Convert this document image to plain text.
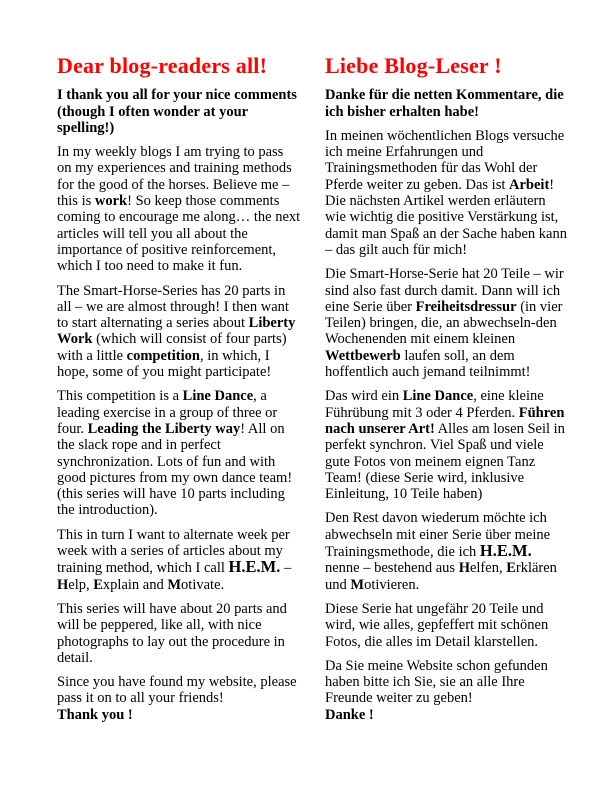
Dear blog-readers all!

I thank you all for your nice comments (though I often wonder at your spelling!)

In my weekly blogs I am trying to pass on my experiences and training methods for the good of the horses. Believe me – this is work! So keep those comments coming to encourage me along… the next articles will tell you all about the importance of positive reinforcement, which I too need to make it fun.

The Smart-Horse-Series has 20 parts in all – we are almost through! I then want to start alternating a series about Liberty Work (which will consist of four parts) with a little competition, in which, I hope, some of you might participate!

This competition is a Line Dance, a leading exercise in a group of three or four. Leading the Liberty way! All on the slack rope and in perfect synchronization. Lots of fun and with good pictures from my own dance team! (this series will have 10 parts including the introduction).

This in turn I want to alternate week per week with a series of articles about my training method, which I call H.E.M. – Help, Explain and Motivate.

This series will have about 20 parts and will be peppered, like all, with nice photographs to lay out the procedure in detail.

Since you have found my website, please pass it on to all your friends!
Thank you !

Liebe Blog-Leser !

Danke für die netten Kommentare, die ich bisher erhalten habe!

In meinen wöchentlichen Blogs versuche ich meine Erfahrungen und Trainingsmethoden für das Wohl der Pferde weiter zu geben. Das ist Arbeit! Die nächsten Artikel werden erläutern wie wichtig die positive Verstärkung ist, damit man Spaß an der Sache haben kann – das gilt auch für mich!

Die Smart-Horse-Serie hat 20 Teile – wir sind also fast durch damit. Dann will ich eine Serie über Freiheitsdressur (in vier Teilen) bringen, die, an abwechseln-den Wochenenden mit einem kleinen Wettbewerb laufen soll, an dem hoffentlich auch jemand teilnimmt!

Das wird ein Line Dance, eine kleine Führübung mit 3 oder 4 Pferden. Führen nach unserer Art! Alles am losen Seil in perfekt synchron. Viel Spaß und viele gute Fotos von meinem eignen Tanz Team! (diese Serie wird, inklusive Einleitung, 10 Teile haben)

Den Rest davon wiederum möchte ich abwechseln mit einer Serie über meine Trainingsmethode, die ich H.E.M. nenne – bestehend aus Helfen, Erklären und Motivieren.

Diese Serie hat ungefähr 20 Teile und wird, wie alles, gepfeffert mit schönen Fotos, die alles im Detail klarstellen.

Da Sie meine Website schon gefunden haben bitte ich Sie, sie an alle Ihre Freunde weiter zu geben!
Danke !
